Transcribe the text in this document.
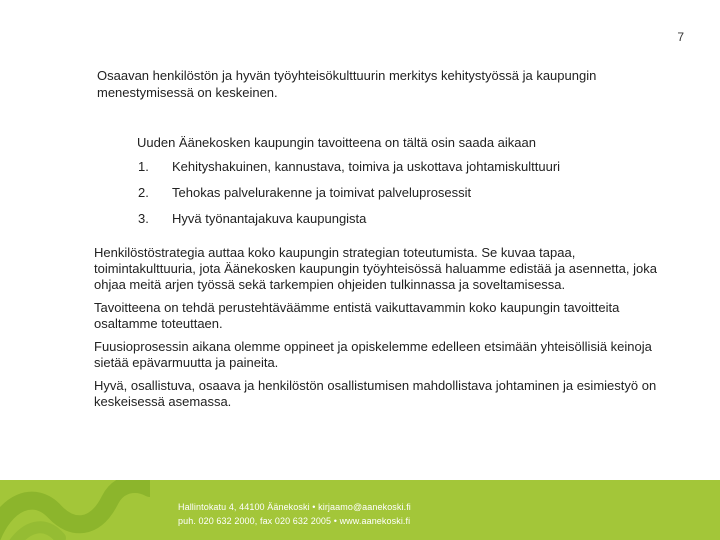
7
Osaavan henkilöstön ja hyvän työyhteisökulttuurin merkitys kehitystyössä ja kaupungin menestymisessä on keskeinen.
Uuden Äänekosken kaupungin tavoitteena on tältä osin saada aikaan
1.	Kehityshakuinen, kannustava, toimiva ja uskottava johtamiskulttuuri
2.	Tehokas palvelurakenne ja toimivat palveluprosessit
3.	Hyvä työnantajakuva kaupungista

Henkilöstöstrategia auttaa koko kaupungin strategian toteutumista. Se kuvaa tapaa, toimintakulttuuria, jota Äänekosken kaupungin työyhteisössä haluamme edistää ja asennetta, joka ohjaa meitä arjen työssä sekä tarkempien ohjeiden tulkinnassa ja soveltamisessa.

Tavoitteena on tehdä perustehtäväämme entistä vaikuttavammin koko kaupungin tavoitteita osaltamme toteuttaen.

Fuusioprosessin aikana olemme oppineet ja opiskelemme edelleen etsimään yhteisöllisiä keinoja sietää epävarmuutta ja paineita.

Hyvä, osallistuva, osaava ja henkilöstön osallistumisen mahdollistava johtaminen ja esimiestyö on keskeisessä asemassa.

Hallintokatu 4, 44100 Äänekoski • kirjaamo@aanekoski.fi
puh. 020 632 2000, fax 020 632 2005 • www.aanekoski.fi
